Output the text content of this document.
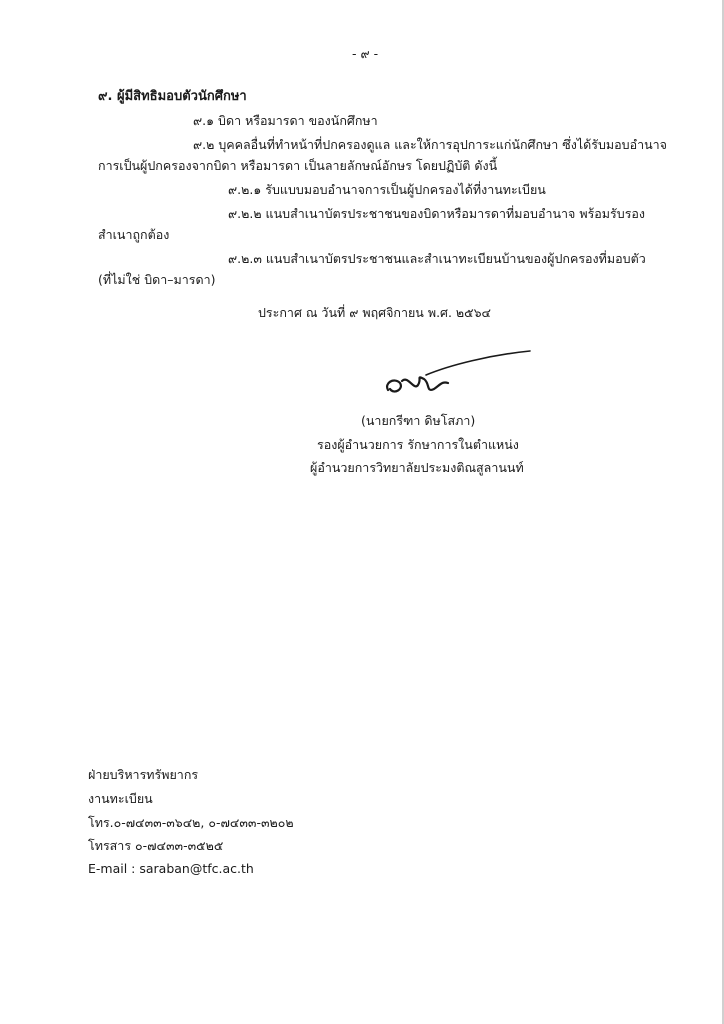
- ๙ -
๙. ผู้มีสิทธิมอบตัวนักศึกษา
๙.๑ บิดา หรือมารดา ของนักศึกษา
๙.๒ บุคคลอื่นที่ทำหน้าที่ปกครองดูแล และให้การอุปการะแก่นักศึกษา ซึ่งได้รับมอบอำนาจ
การเป็นผู้ปกครองจากบิดา หรือมารดา เป็นลายลักษณ์อักษร โดยปฏิบัติ ดังนี้
๙.๒.๑ รับแบบมอบอำนาจการเป็นผู้ปกครองได้ที่งานทะเบียน
๙.๒.๒ แนบสำเนาบัตรประชาชนของบิดาหรือมารดาที่มอบอำนาจ พร้อมรับรอง
สำเนาถูกต้อง
๙.๒.๓ แนบสำเนาบัตรประชาชนและสำเนาทะเบียนบ้านของผู้ปกครองที่มอบตัว
(ที่ไม่ใช่ บิดา–มารดา)
ประกาศ ณ วันที่ ๙ พฤศจิกายน พ.ศ. ๒๕๖๔
(นายกรีฑา ดิษโสภา)
รองผู้อำนวยการ รักษาการในตำแหน่ง
ผู้อำนวยการวิทยาลัยประมงติณสูลานนท์
ฝ่ายบริหารทรัพยากร
งานทะเบียน
โทร.๐-๗๔๓๓-๓๖๔๒, ๐-๗๔๓๓-๓๒๐๒
โทรสาร ๐-๗๔๓๓-๓๕๒๕
E-mail : saraban@tfc.ac.th
